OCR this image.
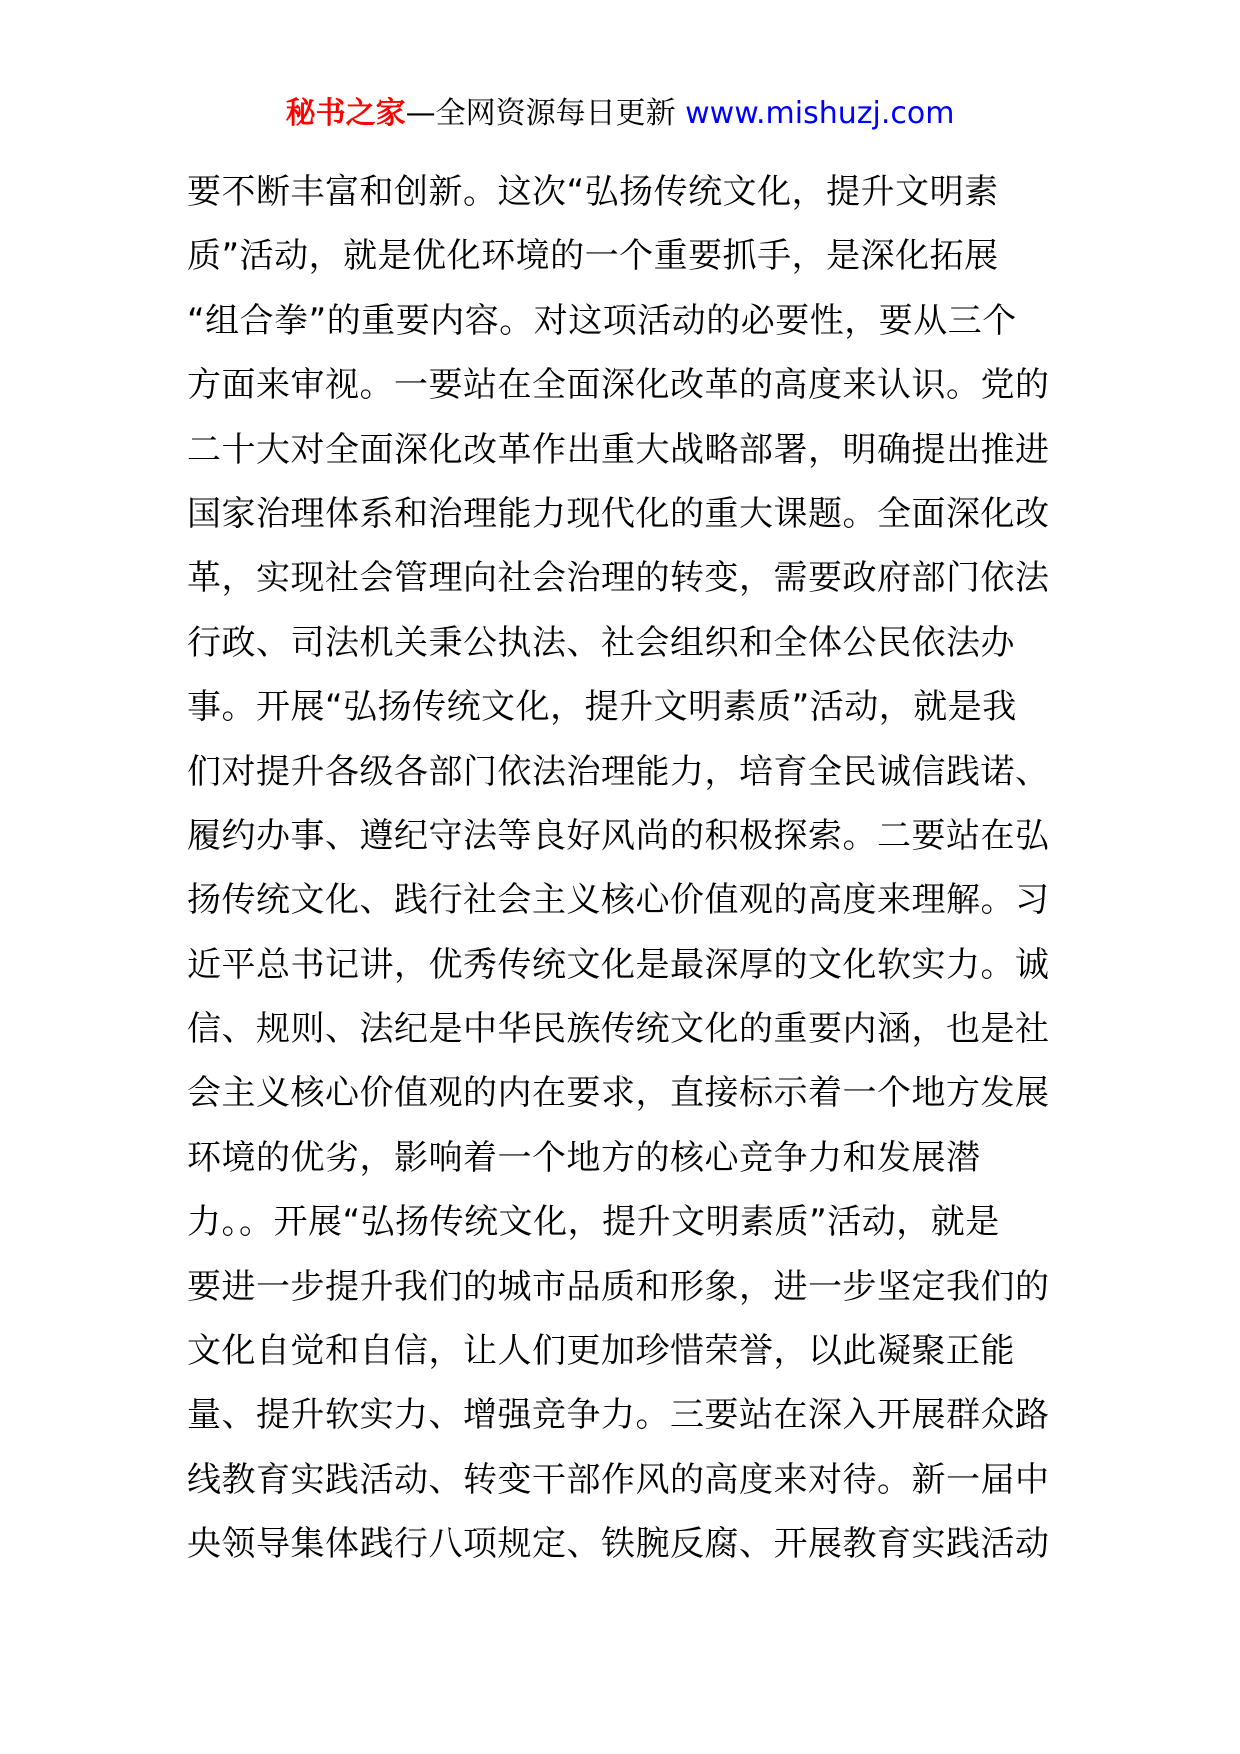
秘书之家—全网资源每日更新 www.mishuzj.com
要不断丰富和创新。这次“弘扬传统文化，提升文明素
质”活动，就是优化环境的一个重要抓手，是深化拓展
“组合拳”的重要内容。对这项活动的必要性，要从三个
方面来审视。一要站在全面深化改革的高度来认识。党的
二十大对全面深化改革作出重大战略部署，明确提出推进
国家治理体系和治理能力现代化的重大课题。全面深化改
革，实现社会管理向社会治理的转变，需要政府部门依法
行政、司法机关秉公执法、社会组织和全体公民依法办
事。开展“弘扬传统文化，提升文明素质”活动，就是我
们对提升各级各部门依法治理能力，培育全民诚信践诺、
履约办事、遵纪守法等良好风尚的积极探索。二要站在弘
扬传统文化、践行社会主义核心价值观的高度来理解。习
近平总书记讲，优秀传统文化是最深厚的文化软实力。诚
信、规则、法纪是中华民族传统文化的重要内涵，也是社
会主义核心价值观的内在要求，直接标示着一个地方发展
环境的优劣，影响着一个地方的核心竞争力和发展潜
力。。开展“弘扬传统文化，提升文明素质”活动，就是
要进一步提升我们的城市品质和形象，进一步坚定我们的
文化自觉和自信，让人们更加珍惜荣誉，以此凝聚正能
量、提升软实力、增强竞争力。三要站在深入开展群众路
线教育实践活动、转变干部作风的高度来对待。新一届中
央领导集体践行八项规定、铁腕反腐、开展教育实践活动
